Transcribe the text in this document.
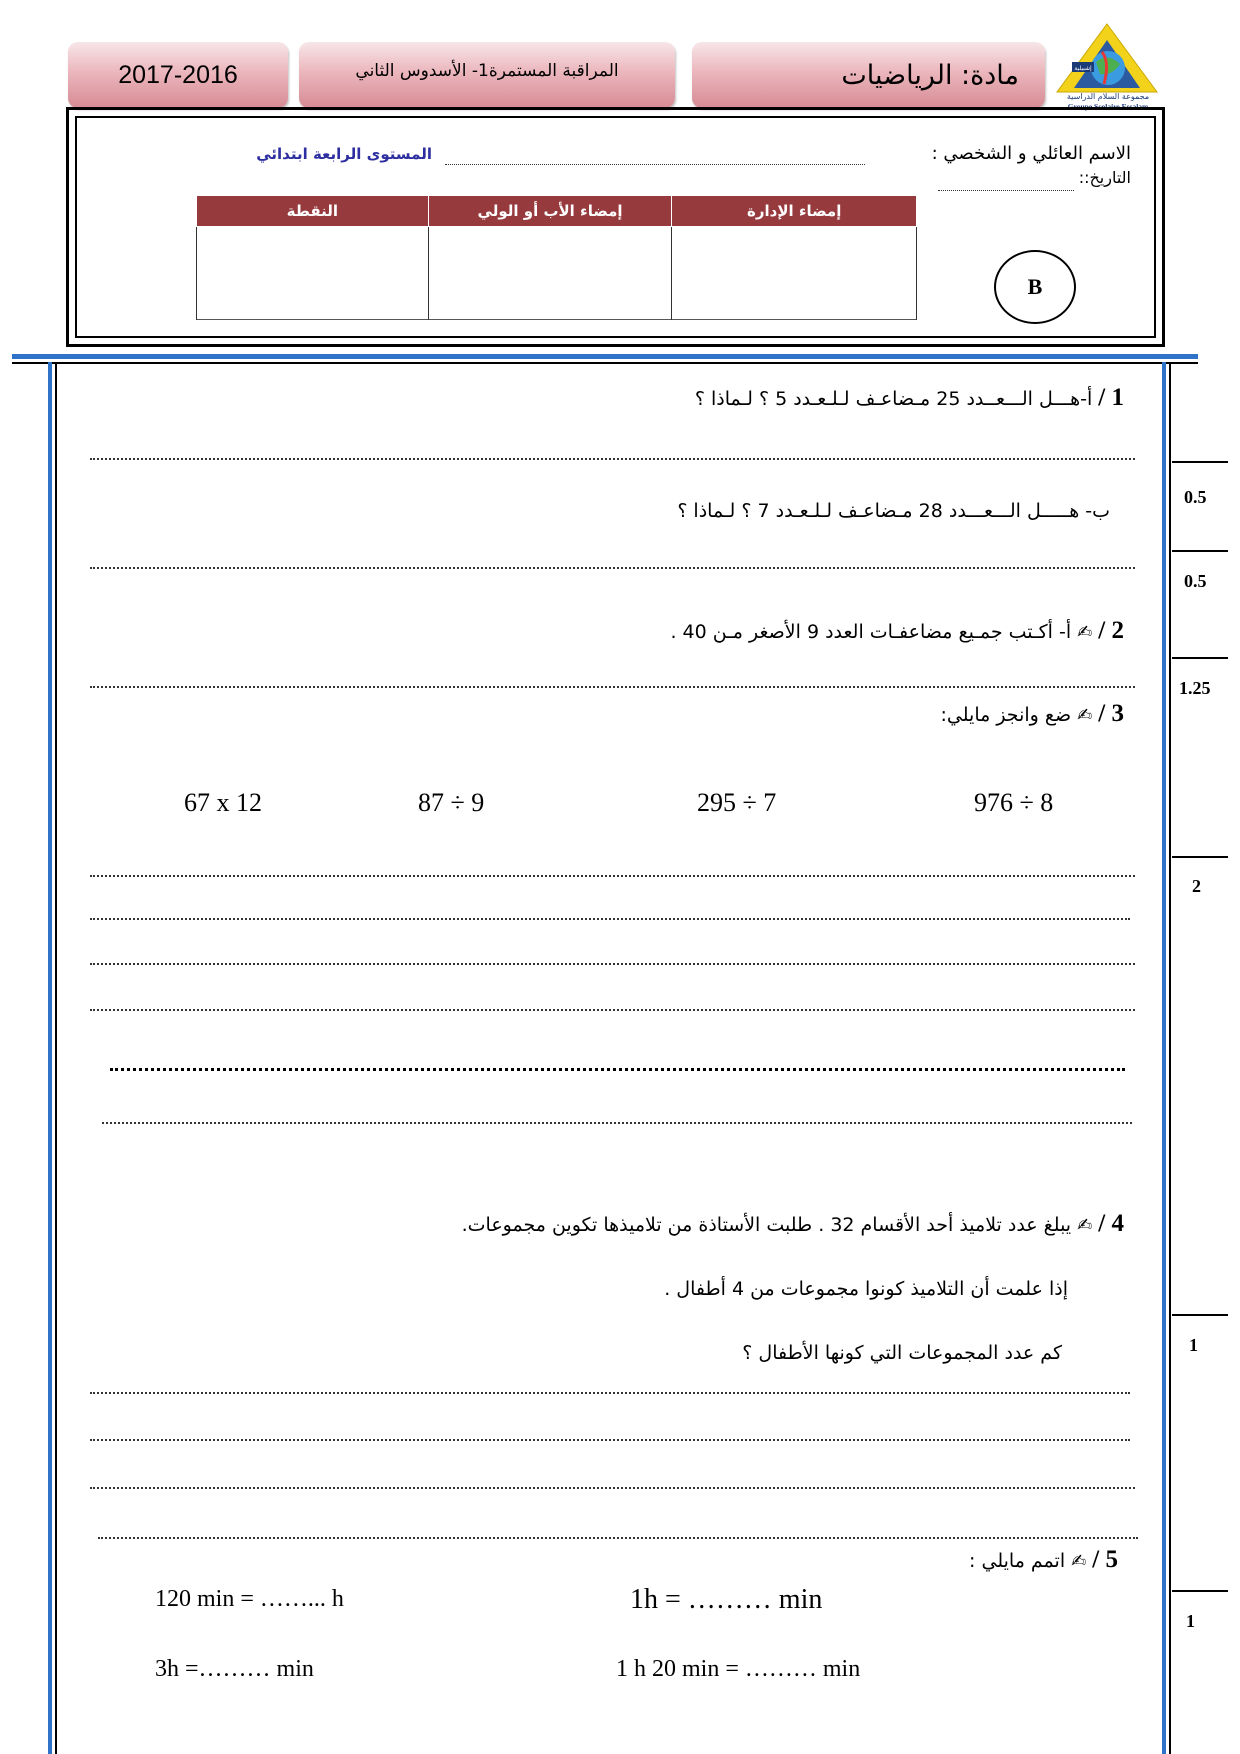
2017-2016	المراقبة المستمرة1- الأسدوس الثاني	مادة: الرياضيات	إشبيلية
مجموعة السلام الدراسية
Groupe Scolaire Essalam
الاسم العائلي و الشخصي :
المستوى الرابعة ابتدائي
التاريخ::
النقطة	إمضاء الأب أو الولي	إمضاء الإدارة

B
1 / أ-هـــل الـــعــدد 25 مـضاعـف لـلـعـدد 5 ؟ لـماذا ؟
ب- هـــــل الـــعـــدد 28 مـضاعـف لـلـعـدد 7 ؟ لـماذا ؟
2 / ✍ أ- أكـتب جمـيع مضاعفـات العدد 9 الأصغر مـن 40 .
3 / ✍ ضع وانجز مايلي:
67 x 12	87 ÷ 9	295 ÷ 7	976 ÷ 8
4 / ✍ يبلغ عدد تلاميذ أحد الأقسام 32 . طلبت الأستاذة من تلاميذها تكوين مجموعات.
إذا علمت أن التلاميذ كونوا مجموعات من 4 أطفال .
كم عدد المجموعات التي كونها الأطفال ؟
5 / ✍ اتمم مايلي :
120 min = ……... h	1h = ……… min
3h =……… min	1 h 20 min = ……… min
0.5
0.5
1.25
2
1
1
